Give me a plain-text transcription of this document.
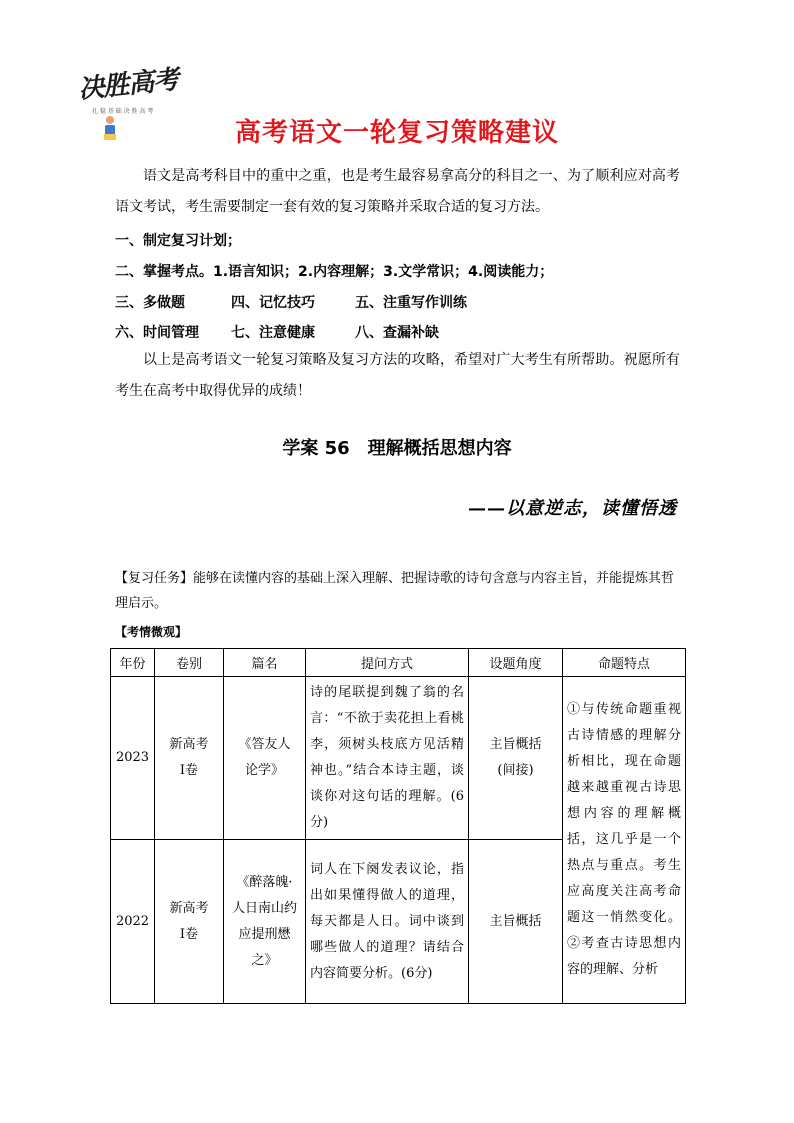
决胜高考
扎 稳 基 础 决 胜 高 考
高考语文一轮复习策略建议
语文是高考科目中的重中之重，也是考生最容易拿高分的科目之一、为了顺利应对高考语文考试，考生需要制定一套有效的复习策略并采取合适的复习方法。
一、制定复习计划；
二、掌握考点。1.语言知识；2.内容理解；3.文学常识；4.阅读能力；
三、多做题	四、记忆技巧	五、注重写作训练
六、时间管理 七、注意健康	八、查漏补缺
以上是高考语文一轮复习策略及复习方法的攻略，希望对广大考生有所帮助。祝愿所有考生在高考中取得优异的成绩！
学案 56　理解概括思想内容
——以意逆志，读懂悟透
【复习任务】能够在读懂内容的基础上深入理解、把握诗歌的诗句含意与内容主旨，并能提炼其哲理启示。
【考情微观】
年份	卷别	篇名	提问方式	设题角度	命题特点
2023	新高考Ⅰ卷	《答友人论学》	诗的尾联提到魏了翁的名言：“不欲于卖花担上看桃李，须树头枝底方见活精神也。”结合本诗主题，谈谈你对这句话的理解。(6分)	主旨概括(间接)	①与传统命题重视古诗情感的理解分析相比，现在命题越来越重视古诗思想内容的理解概括，这几乎是一个热点与重点。考生应高度关注高考命题这一悄然变化。②考查古诗思想内容的理解、分析
2022	新高考Ⅰ卷	《醉落魄·人日南山约应提刑懋之》	词人在下阕发表议论，指出如果懂得做人的道理，每天都是人日。词中谈到哪些做人的道理？请结合内容简要分析。(6分)	主旨概括	
